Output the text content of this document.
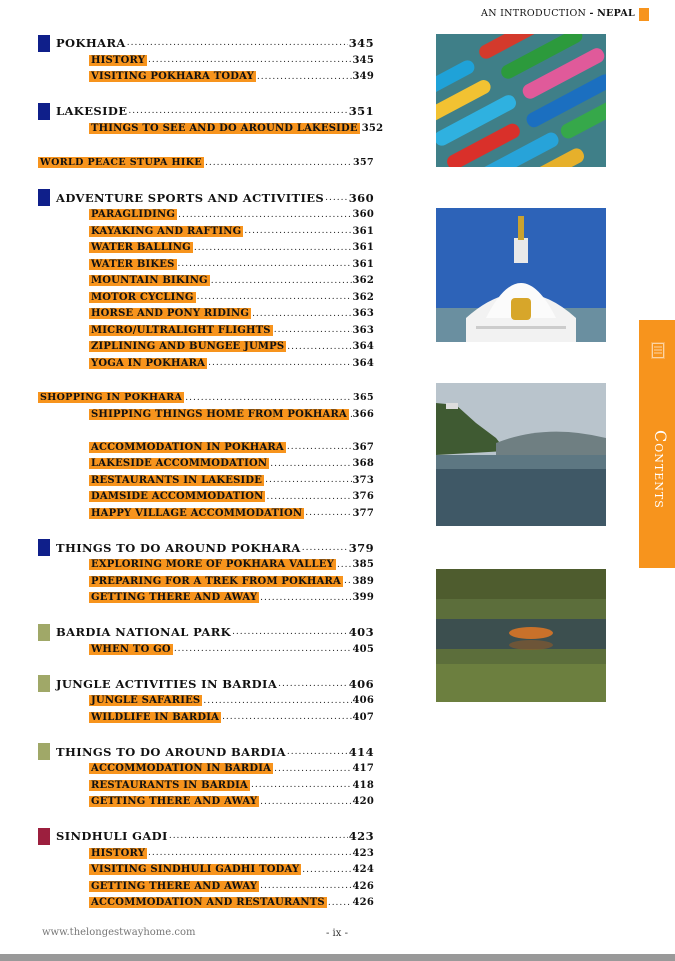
AN INTRODUCTION - NEPAL
POKHARA .....	345
HISTORY .....	345
VISITING POKHARA TODAY .....	349
LAKESIDE .....	351
THINGS TO SEE AND DO AROUND LAKESIDE 352
WORLD PEACE STUPA HIKE .....	357
ADVENTURE SPORTS AND ACTIVITIES ..... 360
PARAGLIDING .....	360
KAYAKING AND RAFTING .....	361
WATER BALLING .....	361
WATER BIKES .....	361
MOUNTAIN BIKING .....	362
MOTOR CYCLING .....	362
HORSE AND PONY RIDING .....	363
MICRO/ULTRALIGHT FLIGHTS .....	363
ZIPLINING AND BUNGEE JUMPS .....	364
YOGA IN POKHARA .....	364
SHOPPING IN POKHARA .....	365
SHIPPING THINGS HOME FROM POKHARA ..... 366
ACCOMMODATION IN POKHARA .....	367
LAKESIDE ACCOMMODATION .....	368
RESTAURANTS IN LAKESIDE .....	373
DAMSIDE ACCOMMODATION .....	376
HAPPY VILLAGE ACCOMMODATION .....	377
THINGS TO DO AROUND POKHARA .....	379
EXPLORING MORE OF POKHARA VALLEY ..... 385
PREPARING FOR A TREK FROM POKHARA ..... 389
GETTING THERE AND AWAY .....	399
BARDIA NATIONAL PARK .....	403
WHEN TO GO .....	405
JUNGLE ACTIVITIES IN BARDIA .....	406
JUNGLE SAFARIES .....	406
WILDLIFE IN BARDIA .....	407
THINGS TO DO AROUND BARDIA .....	414
ACCOMMODATION IN BARDIA .....	417
RESTAURANTS IN BARDIA .....	418
GETTING THERE AND AWAY .....	420
SINDHULI GADI .....	423
HISTORY .....	423
VISITING SINDHULI GADHI TODAY .....	424
GETTING THERE AND AWAY .....	426
ACCOMMODATION AND RESTAURANTS .....	426
Contents
www.thelongestwayhome.com	- ix -
